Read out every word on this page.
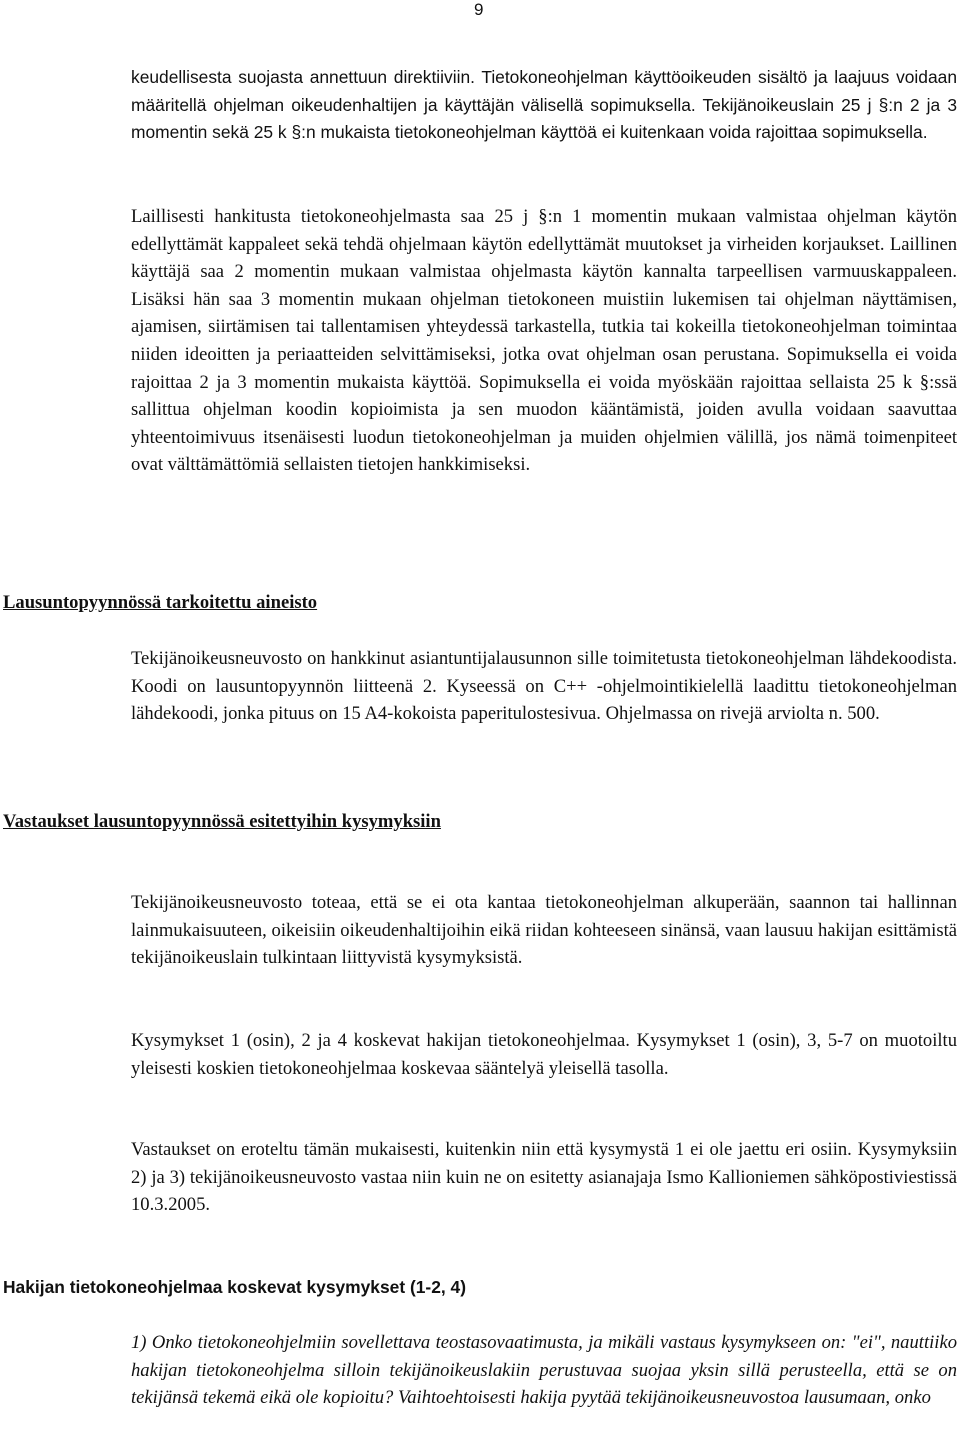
9

keudellisesta suojasta annettuun direktiiviin. Tietokoneohjelman käyttöoikeuden sisältö ja laajuus voidaan määritellä ohjelman oikeudenhaltijen ja käyttäjän välisellä sopimuksella. Tekijänoikeuslain 25 j §:n 2 ja 3 momentin sekä 25 k §:n mukaista tietokoneohjelman käyttöä ei kuitenkaan voida rajoittaa sopimuksella.

Laillisesti hankitusta tietokoneohjelmasta saa 25 j §:n 1 momentin mukaan valmistaa ohjelman käytön edellyttämät kappaleet sekä tehdä ohjelmaan käytön edellyttämät muutokset ja virheiden korjaukset. Laillinen käyttäjä saa 2 momentin mukaan valmistaa ohjelmasta käytön kannalta tarpeellisen varmuuskappaleen. Lisäksi hän saa 3 momentin mukaan ohjelman tietokoneen muistiin lukemisen tai ohjelman näyttämisen, ajamisen, siirtämisen tai tallentamisen yhteydessä tarkastella, tutkia tai kokeilla tietokoneohjelman toimintaa niiden ideoitten ja periaatteiden selvittämiseksi, jotka ovat ohjelman osan perustana. Sopimuksella ei voida rajoittaa 2 ja 3 momentin mukaista käyttöä. Sopimuksella ei voida myöskään rajoittaa sellaista 25 k §:ssä sallittua ohjelman koodin kopioimista ja sen muodon kääntämistä, joiden avulla voidaan saavuttaa yhteentoimivuus itsenäisesti luodun tietokoneohjelman ja muiden ohjelmien välillä, jos nämä toimenpiteet ovat välttämättömiä sellaisten tietojen hankkimiseksi.

Lausuntopyynnössä tarkoitettu aineisto

Tekijänoikeusneuvosto on hankkinut asiantuntijalausunnon sille toimitetusta tietokoneohjelman lähdekoodista. Koodi on lausuntopyynnön liitteenä 2. Kyseessä on C++ -ohjelmointikielellä laadittu tietokoneohjelman lähdekoodi, jonka pituus on 15 A4-kokoista paperitulostesivua. Ohjelmassa on rivejä arviolta n. 500.

Vastaukset lausuntopyynnössä esitettyihin kysymyksiin

Tekijänoikeusneuvosto toteaa, että se ei ota kantaa tietokoneohjelman alkuperään, saannon tai hallinnan lainmukaisuuteen, oikeisiin oikeudenhaltijoihin eikä riidan kohteeseen sinänsä, vaan lausuu hakijan esittämistä tekijänoikeuslain tulkintaan liittyvistä kysymyksistä.

Kysymykset 1 (osin), 2 ja 4 koskevat hakijan tietokoneohjelmaa. Kysymykset 1 (osin), 3, 5-7 on muotoiltu yleisesti koskien tietokoneohjelmaa koskevaa sääntelyä yleisellä tasolla.

Vastaukset on eroteltu tämän mukaisesti, kuitenkin niin että kysymystä 1 ei ole jaettu eri osiin. Kysymyksiin 2) ja 3) tekijänoikeusneuvosto vastaa niin kuin ne on esitetty asianajaja Ismo Kallioniemen sähköpostiviestissä 10.3.2005.

Hakijan tietokoneohjelmaa koskevat kysymykset (1-2, 4)

1) Onko tietokoneohjelmiin sovellettava teostasovaatimusta, ja mikäli vastaus kysymykseen on: "ei", nauttiiko hakijan tietokoneohjelma silloin tekijänoikeuslakiin perustuvaa suojaa yksin sillä perusteella, että se on tekijänsä tekemä eikä ole kopioitu? Vaihtoehtoisesti hakija pyytää tekijänoikeusneuvostoa lausumaan, onko
